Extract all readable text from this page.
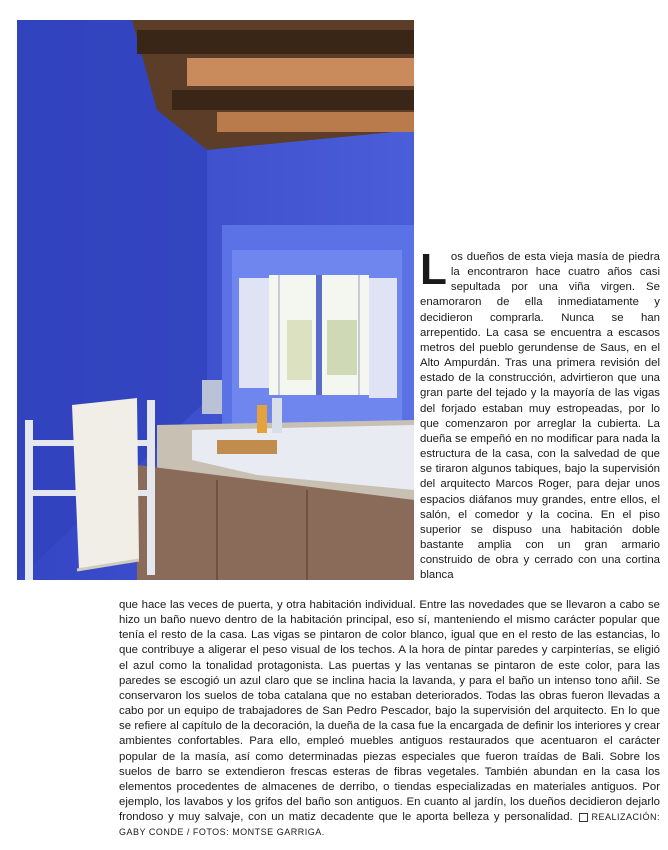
L os dueños de esta vieja masía de piedra la encontraron hace cuatro años casi sepultada por una viña virgen. Se enamoraron de ella inmediatamente y decidieron comprarla. Nunca se han arrepentido. La casa se encuentra a escasos metros del pueblo gerundense de Saus, en el Alto Ampurdán. Tras una primera revisión del estado de la construcción, advirtieron que una gran parte del tejado y la mayoría de las vigas del forjado estaban muy estropeadas, por lo que comenzaron por arreglar la cubierta. La dueña se empeñó en no modificar para nada la estructura de la casa, con la salvedad de que se tiraron algunos tabiques, bajo la supervisión del arquitecto Marcos Roger, para dejar unos espacios diáfanos muy grandes, entre ellos, el salón, el comedor y la cocina. En el piso superior se dispuso una habitación doble bastante amplia con un gran armario construido de obra y cerrado con una cortina blanca
que hace las veces de puerta, y otra habitación individual. Entre las novedades que se llevaron a cabo se hizo un baño nuevo dentro de la habitación principal, eso sí, manteniendo el mismo carácter popular que tenía el resto de la casa. Las vigas se pintaron de color blanco, igual que en el resto de las estancias, lo que contribuye a aligerar el peso visual de los techos. A la hora de pintar paredes y carpinterías, se eligió el azul como la tonalidad protagonista. Las puertas y las ventanas se pintaron de este color, para las paredes se escogió un azul claro que se inclina hacia la lavanda, y para el baño un intenso tono añil. Se conservaron los suelos de toba catalana que no estaban deteriorados. Todas las obras fueron llevadas a cabo por un equipo de trabajadores de San Pedro Pescador, bajo la supervisión del arquitecto. En lo que se refiere al capítulo de la decoración, la dueña de la casa fue la encargada de definir los interiores y crear ambientes confortables. Para ello, empleó muebles antiguos restaurados que acentuaron el carácter popular de la masía, así como determinadas piezas especiales que fueron traídas de Bali. Sobre los suelos de barro se extendieron frescas esteras de fibras vegetales. También abundan en la casa los elementos procedentes de almacenes de derribo, o tiendas especializadas en materiales antiguos. Por ejemplo, los lavabos y los grifos del baño son antiguos. En cuanto al jardín, los dueños decidieron dejarlo frondoso y muy salvaje, con un matiz decadente que le aporta belleza y personalidad. REALIZACIÓN: GABY CONDE / FOTOS: MONTSE GARRIGA.
